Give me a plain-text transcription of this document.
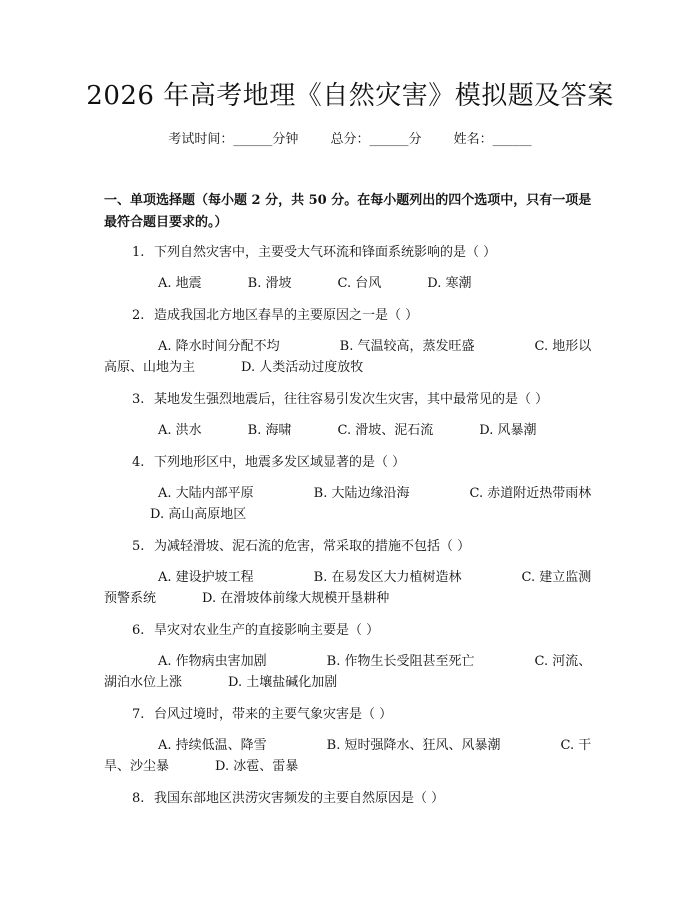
2026 年高考地理《自然灾害》模拟题及答案
考试时间：______分钟 总分：______分 姓名：______
一、单项选择题（每小题 2 分，共 50 分。在每小题列出的四个选项中，只有一项是最符合题目要求的。）
1. 下列自然灾害中，主要受大气环流和锋面系统影响的是（ ）
A. 地震	B. 滑坡	C. 台风	D. 寒潮
2. 造成我国北方地区春旱的主要原因之一是（ ）
A. 降水时间分配不均	B. 气温较高，蒸发旺盛	C. 地形以高原、山地为主	D. 人类活动过度放牧
3. 某地发生强烈地震后，往往容易引发次生灾害，其中最常见的是（ ）
A. 洪水	B. 海啸	C. 滑坡、泥石流	D. 风暴潮
4. 下列地形区中，地震多发区域显著的是（ ）
A. 大陆内部平原	B. 大陆边缘沿海	C. 赤道附近热带雨林D. 高山高原地区
5. 为减轻滑坡、泥石流的危害，常采取的措施不包括（ ）
A. 建设护坡工程	B. 在易发区大力植树造林	C. 建立监测预警系统	D. 在滑坡体前缘大规模开垦耕种
6. 旱灾对农业生产的直接影响主要是（ ）
A. 作物病虫害加剧	B. 作物生长受阻甚至死亡	C. 河流、湖泊水位上涨	D. 土壤盐碱化加剧
7. 台风过境时，带来的主要气象灾害是（ ）
A. 持续低温、降雪	B. 短时强降水、狂风、风暴潮	C. 干旱、沙尘暴	D. 冰雹、雷暴
8. 我国东部地区洪涝灾害频发的主要自然原因是（ ）
